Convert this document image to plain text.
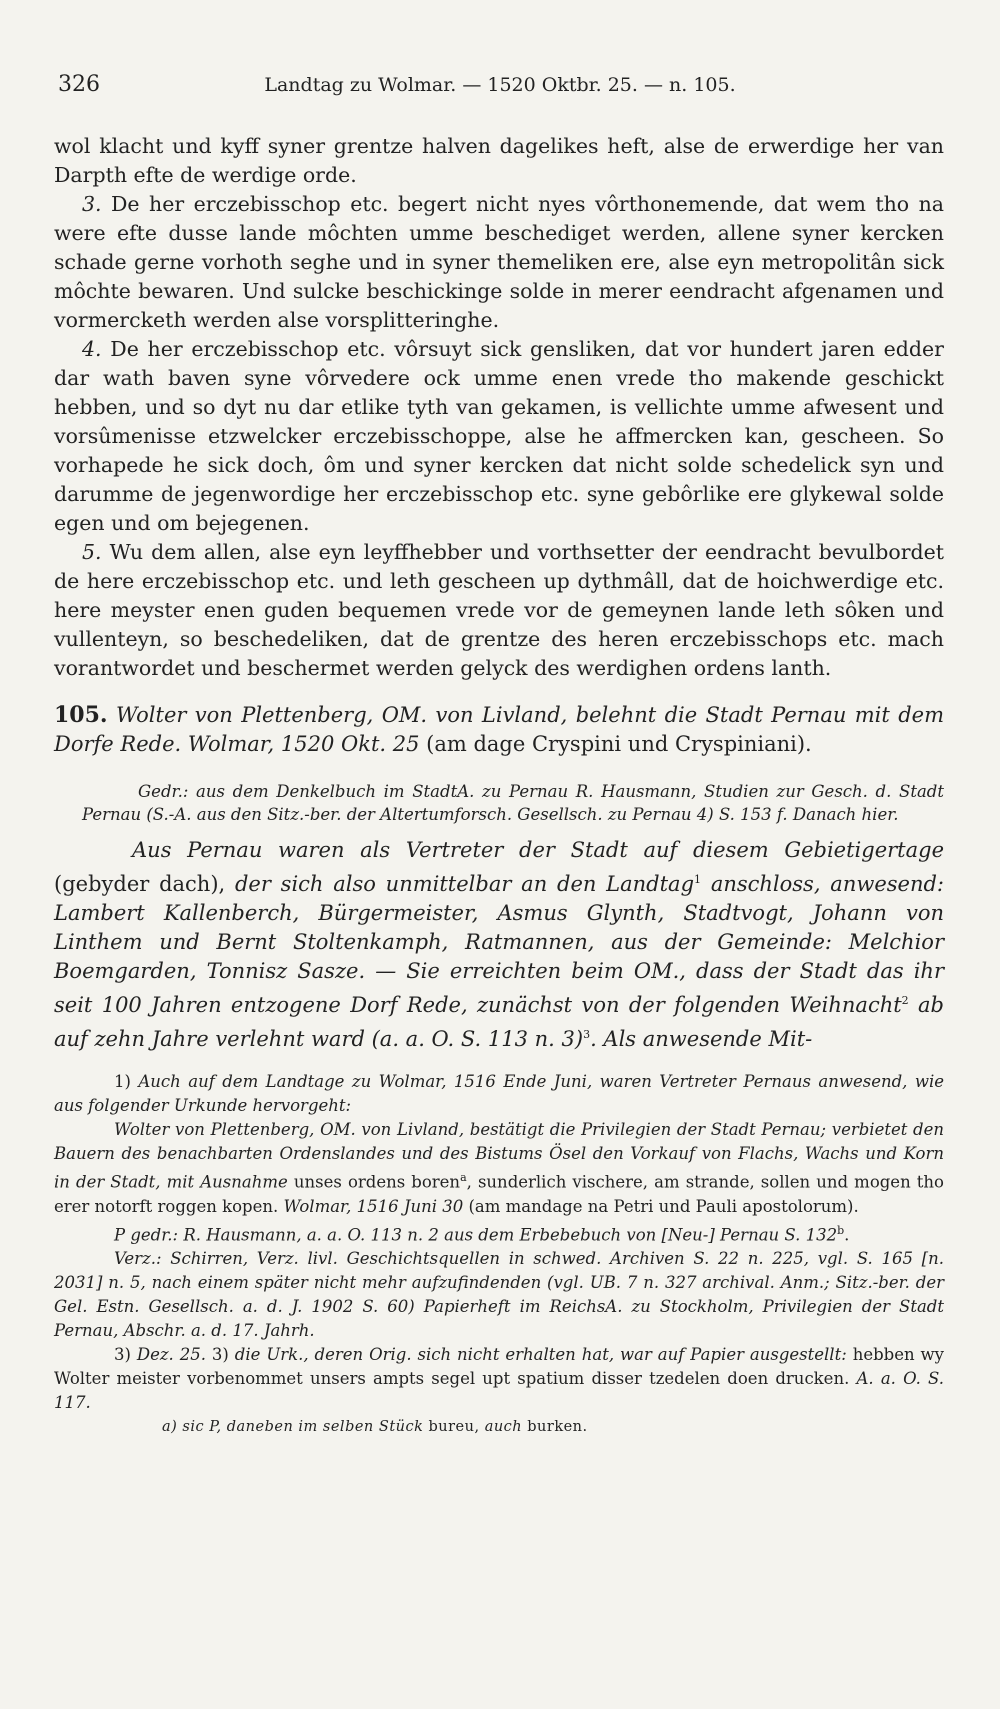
326	Landtag zu Wolmar. — 1520 Oktbr. 25. — n. 105.

wol klacht und kyff syner grentze halven dagelikes heft, alse de erwerdige her van Darpth efte de werdige orde.

3. De her erczebisschop etc. begert nicht nyes vôrthonemende, dat wem tho na were efte dusse lande môchten umme beschediget werden, allene syner kercken schade gerne vorhoth seghe und in syner themeliken ere, alse eyn metropolitân sick môchte bewaren. Und sulcke beschickinge solde in merer eendracht afgenamen und vormercketh werden alse vorsplitteringhe.

4. De her erczebisschop etc. vôrsuyt sick gensliken, dat vor hundert jaren edder dar wath baven syne vôrvedere ock umme enen vrede tho makende geschickt hebben, und so dyt nu dar etlike tyth van gekamen, is vellichte umme afwesent und vorsûmenisse etzwelcker erczebisschoppe, alse he affmercken kan, gescheen. So vorhapede he sick doch, ôm und syner kercken dat nicht solde schedelick syn und darumme de jegenwordige her erczebisschop etc. syne gebôrlike ere glykewal solde egen und om bejegenen.

5. Wu dem allen, alse eyn leyffhebber und vorthsetter der eendracht bevulbordet de here erczebisschop etc. und leth gescheen up dythmâll, dat de hoichwerdige etc. here meyster enen guden bequemen vrede vor de gemeynen lande leth sôken und vullenteyn, so beschedeliken, dat de grentze des heren erczebisschops etc. mach vorantwordet und beschermet werden gelyck des werdighen ordens lanth.

105. Wolter von Plettenberg, OM. von Livland, belehnt die Stadt Pernau mit dem Dorfe Rede. Wolmar, 1520 Okt. 25 (am dage Cryspini und Cryspiniani).

Gedr.: aus dem Denkelbuch im StadtA. zu Pernau R. Hausmann, Studien zur Gesch. d. Stadt Pernau (S.-A. aus den Sitz.-ber. der Altertumforsch. Gesellsch. zu Pernau 4) S. 153 f. Danach hier.

Aus Pernau waren als Vertreter der Stadt auf diesem Gebietigertage (gebyder dach), der sich also unmittelbar an den Landtag$^1$ anschloss, anwesend: Lambert Kallenberch, Bürgermeister, Asmus Glynth, Stadtvogt, Johann von Linthem und Bernt Stoltenkamph, Ratmannen, aus der Gemeinde: Melchior Boemgarden, Tonnisz Sasze. — Sie erreichten beim OM., dass der Stadt das ihr seit 100 Jahren entzogene Dorf Rede, zunächst von der folgenden Weihnacht$^2$ ab auf zehn Jahre verlehnt ward (a. a. O. S. 113 n. 3)$^3$. Als anwesende Mit-

1) Auch auf dem Landtage zu Wolmar, 1516 Ende Juni, waren Vertreter Pernaus anwesend, wie aus folgender Urkunde hervorgeht:

Wolter von Plettenberg, OM. von Livland, bestätigt die Privilegien der Stadt Pernau; verbietet den Bauern des benachbarten Ordenslandes und des Bistums Ösel den Vorkauf von Flachs, Wachs und Korn in der Stadt, mit Ausnahme unses ordens boren$^a$, sunderlich vischere, am strande, sollen und mogen tho erer notorft roggen kopen. Wolmar, 1516 Juni 30 (am mandage na Petri und Pauli apostolorum).

P gedr.: R. Hausmann, a. a. O. 113 n. 2 aus dem Erbebebuch von [Neu-] Pernau S. 132$^b$.

Verz.: Schirren, Verz. livl. Geschichtsquellen in schwed. Archiven S. 22 n. 225, vgl. S. 165 [n. 2031] n. 5, nach einem später nicht mehr aufzufindenden (vgl. UB. 7 n. 327 archival. Anm.; Sitz.-ber. der Gel. Estn. Gesellsch. a. d. J. 1902 S. 60) Papierheft im ReichsA. zu Stockholm, Privilegien der Stadt Pernau, Abschr. a. d. 17. Jahrh.

3) Dez. 25. 3) die Urk., deren Orig. sich nicht erhalten hat, war auf Papier ausgestellt: hebben wy Wolter meister vorbenommet unsers ampts segel upt spatium disser tzedelen doen drucken. A. a. O. S. 117.

a) sic P, daneben im selben Stück bureu, auch burken.
